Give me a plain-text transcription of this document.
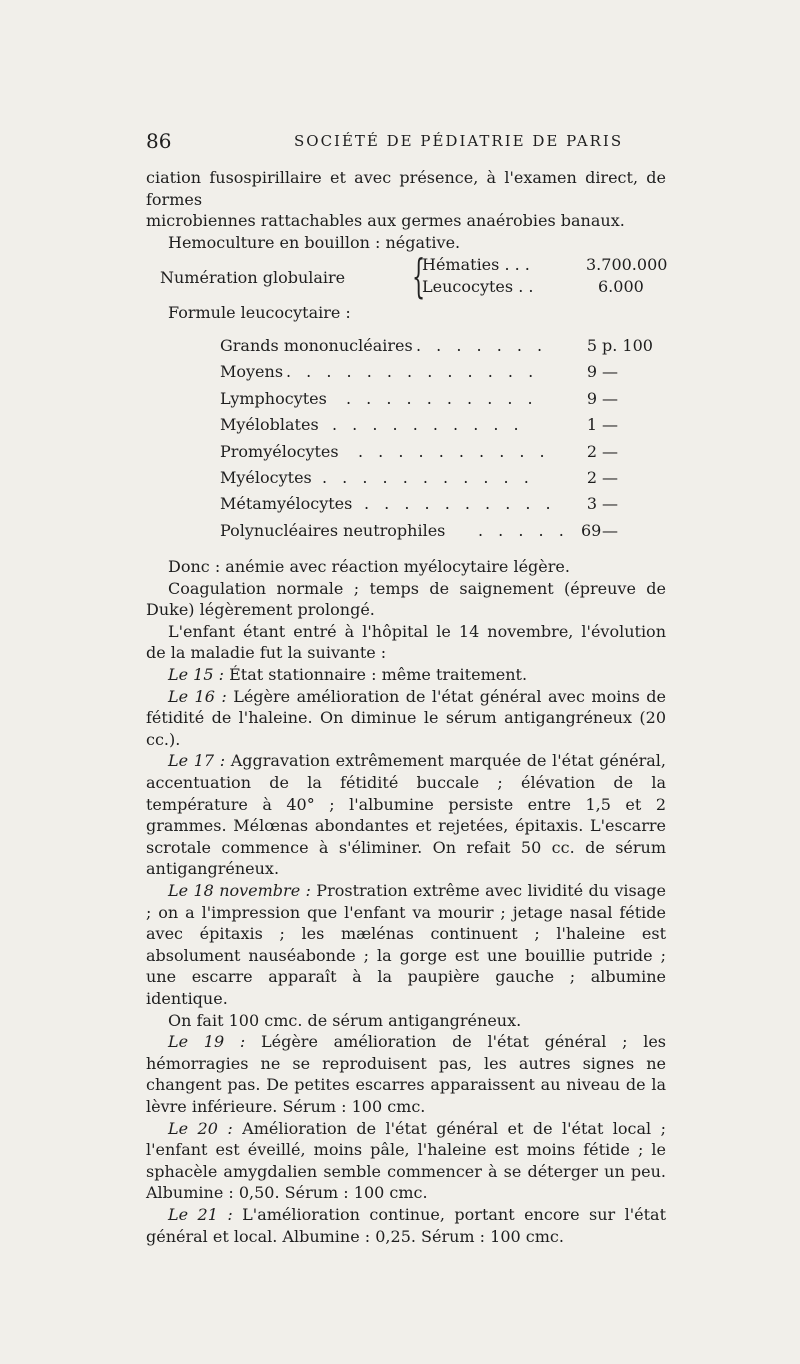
86	SOCIÉTÉ DE PÉDIATRIE DE PARIS

ciation fusospirillaire et avec présence, à l'examen direct, de formes

microbiennes rattachables aux germes anaérobies banaux.

Hemoculture en bouillon : négative.

Numération globulaire {
Hématies . . .	3.700.000
Leucocytes . .	6.000

Formule leucocytaire :

Grands mononucléaires . . . . . . .	5 p. 100
Moyens . . . . . . . . . . . . .	9 —
Lymphocytes . . . . . . . . . .	9 —
Myéloblates . . . . . . . . . .	1 —
Promyélocytes . . . . . . . . . .	2 —
Myélocytes . . . . . . . . . . .	2 —
Métamyélocytes . . . . . . . . . .	3 —
Polynucléaires neutrophiles . . . . . 69 —

Donc : anémie avec réaction myélocytaire légère.

Coagulation normale ; temps de saignement (épreuve de Duke) légèrement prolongé.

L'enfant étant entré à l'hôpital le 14 novembre, l'évolution de la maladie fut la suivante :

Le 15 : État stationnaire : même traitement.

Le 16 : Légère amélioration de l'état général avec moins de fétidité de l'haleine. On diminue le sérum antigangréneux (20 cc.).

Le 17 : Aggravation extrêmement marquée de l'état général, accentuation de la fétidité buccale ; élévation de la température à 40° ; l'albumine persiste entre 1,5 et 2 grammes. Mélœnas abondantes et rejetées, épitaxis. L'escarre scrotale commence à s'éliminer. On refait 50 cc. de sérum antigangréneux.

Le 18 novembre : Prostration extrême avec lividité du visage ; on a l'impression que l'enfant va mourir ; jetage nasal fétide avec épitaxis ; les mælénas continuent ; l'haleine est absolument nauséabonde ; la gorge est une bouillie putride ; une escarre apparaît à la paupière gauche ; albumine identique.

On fait 100 cmc. de sérum antigangréneux.

Le 19 : Légère amélioration de l'état général ; les hémorragies ne se reproduisent pas, les autres signes ne changent pas. De petites escarres apparaissent au niveau de la lèvre inférieure. Sérum : 100 cmc.

Le 20 : Amélioration de l'état général et de l'état local ; l'enfant est éveillé, moins pâle, l'haleine est moins fétide ; le sphacèle amygdalien semble commencer à se déterger un peu. Albumine : 0,50. Sérum : 100 cmc.

Le 21 : L'amélioration continue, portant encore sur l'état général et local. Albumine : 0,25. Sérum : 100 cmc.
